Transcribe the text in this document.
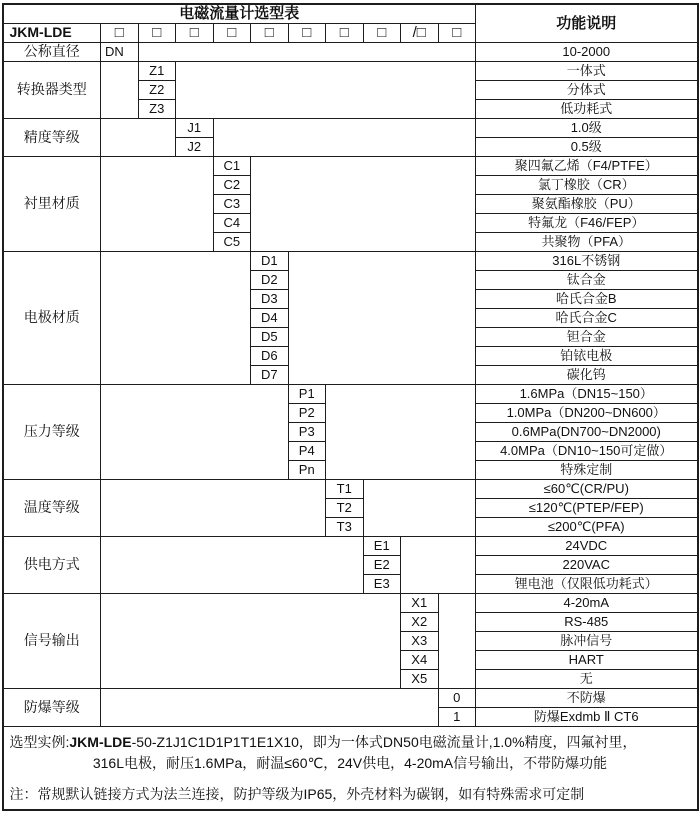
电磁流量计选型表											功能说明
JKM-LDE	□	□	□	□	□	□	□	□	/□	□	
公称直径	DN										10-2000
转换器类型		Z1									一体式
		Z2									分体式
		Z3									低功耗式
精度等级			J1								1.0级
			J2								0.5级
衬里材质				C1							聚四氟乙烯（F4/PTFE）
				C2							氯丁橡胶（CR）
				C3							聚氨酯橡胶（PU）
				C4							特氟龙（F46/FEP）
				C5							共聚物（PFA）
电极材质					D1						316L不锈钢
					D2						钛合金
					D3						哈氏合金B
					D4						哈氏合金C
					D5						钽合金
					D6						铂铱电极
					D7						碳化钨
压力等级						P1					1.6MPa（DN15~150）
						P2					1.0MPa（DN200~DN600）
						P3					0.6MPa(DN700~DN2000)
						P4					4.0MPa（DN10~150可定做）
						Pn					特殊定制
温度等级							T1				≤60℃(CR/PU)
							T2				≤120℃(PTEP/FEP)
							T3				≤200℃(PFA)
供电方式								E1			24VDC
								E2			220VAC
								E3			锂电池（仅限低功耗式）
信号输出									X1		4-20mA
									X2		RS-485
									X3		脉冲信号
									X4		HART
									X5		无
防爆等级										0	不防爆
										1	防爆Exdmb Ⅱ CT6

选型实例:JKM-LDE-50-Z1J1C1D1P1T1E1X10，即为一体式DN50电磁流量计,1.0%精度，四氟衬里，
316L电极，耐压1.6MPa，耐温≤60℃，24V供电，4-20mA信号输出，不带防爆功能
注：常规默认链接方式为法兰连接，防护等级为IP65，外壳材料为碳钢，如有特殊需求可定制											
